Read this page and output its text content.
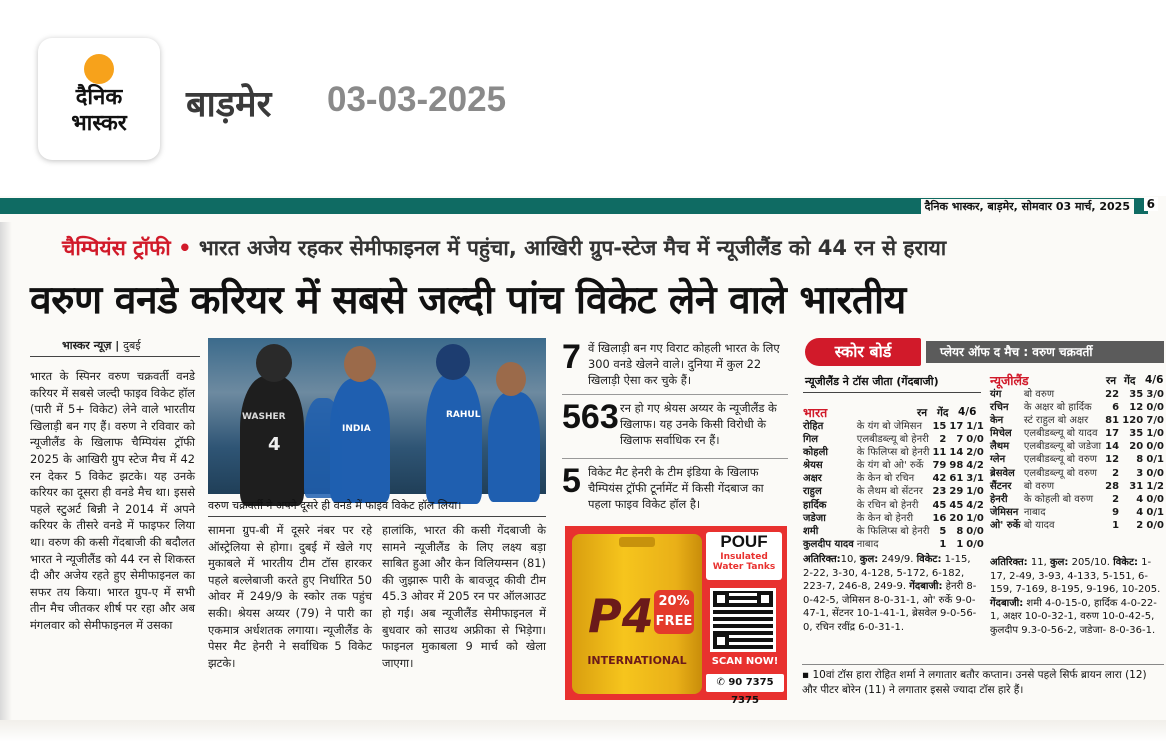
दैनिक
भास्कर	बाड़मेर 03-03-2025
दैनिक भास्कर, बाड़मेर, सोमवार 03 मार्च, 2025	6
चैम्पियंस ट्रॉफी • भारत अजेय रहकर सेमीफाइनल में पहुंचा, आखिरी ग्रुप-स्टेज मैच में न्यूजीलैंड को 44 रन से हराया
वरुण वनडे करियर में सबसे जल्दी पांच विकेट लेने वाले भारतीय
भास्कर न्यूज़ | दुबई
भारत के स्पिनर वरुण चक्रवर्ती वनडे करियर में सबसे जल्दी फाइव विकेट हॉल (पारी में 5+ विकेट) लेने वाले भारतीय खिलाड़ी बन गए हैं। वरुण ने रविवार को न्यूजीलैंड के खिलाफ चैम्पियंस ट्रॉफी 2025 के आखिरी ग्रुप स्टेज मैच में 42 रन देकर 5 विकेट झटके। यह उनके करियर का दूसरा ही वनडे मैच था। इससे पहले स्टुअर्ट बिन्नी ने 2014 में अपने करियर के तीसरे वनडे में फाइफर लिया था। वरुण की कसी गेंदबाजी की बदौलत भारत ने न्यूजीलैंड को 44 रन से शिकस्त दी और अजेय रहते हुए सेमीफाइनल का सफर तय किया। भारत ग्रुप-ए में सभी तीन मैच जीतकर शीर्ष पर रहा और अब मंगलवार को सेमीफाइनल में उसका
WASHER
4
INDIA
RAHUL
वरुण चक्रवर्ती ने अपने दूसरे ही वनडे में फाइव विकेट हॉल लिया।
सामना ग्रुप-बी में दूसरे नंबर पर रहे ऑस्ट्रेलिया से होगा। दुबई में खेले गए मुकाबले में भारतीय टीम टॉस हारकर पहले बल्लेबाजी करते हुए निर्धारित 50 ओवर में 249/9 के स्कोर तक पहुंच सकी। श्रेयस अय्यर (79) ने पारी का एकमात्र अर्धशतक लगाया। न्यूजीलैंड के पेसर मैट हेनरी ने सर्वाधिक 5 विकेट झटके।
हालांकि, भारत की कसी गेंदबाजी के सामने न्यूजीलैंड के लिए लक्ष्य बड़ा साबित हुआ और केन विलियम्सन (81) की जुझारू पारी के बावजूद कीवी टीम 45.3 ओवर में 205 रन पर ऑलआउट हो गई। अब न्यूजीलैंड सेमीफाइनल में बुधवार को साउथ अफ्रीका से भिड़ेगा। फाइनल मुकाबला 9 मार्च को खेला जाएगा।
7 वें खिलाड़ी बन गए विराट कोहली भारत के लिए 300 वनडे खेलने वाले। दुनिया में कुल 22 खिलाड़ी ऐसा कर चुके हैं।
563 रन हो गए श्रेयस अय्यर के न्यूजीलैंड के खिलाफ। यह उनके किसी विरोधी के खिलाफ सर्वाधिक रन हैं।
5 विकेट मैट हेनरी के टीम इंडिया के खिलाफ चैम्पियंस ट्रॉफी टूर्नामेंट में किसी गेंदबाज का पहला फाइव विकेट हॉल है।
P4 20%
FREE
INTERNATIONAL
POUF
Insulated Water Tanks
SCAN NOW!
✆ 90 7375 7375
स्कोर बोर्ड	प्लेयर ऑफ द मैच : वरुण चक्रवर्ती
न्यूजीलैंड ने टॉस जीता (गेंदबाजी)
भारत	रन गेंद 4/6
रोहित	के यंग बो जेमिसन	15	17	1/1
गिल	एलबीडब्ल्यू बो हेनरी	2	7	0/0
कोहली	के फिलिप्स बो हेनरी	11	14	2/0
श्रेयस	के यंग बो ओ' रुर्के	79	98	4/2
अक्षर	के केन बो रचिन	42	61	3/1
राहुल	के लैथम बो सेंटनर	23	29	1/0
हार्दिक	के रचिन बो हेनरी	45	45	4/2
जडेजा	के केन बो हेनरी	16	20	1/0
शमी	के फिलिप्स बो हेनरी	5	8	0/0
कुलदीप यादव	नाबाद	1	1	0/0
अतिरिक्त:10, कुल: 249/9. विकेट: 1-15, 2-22, 3-30, 4-128, 5-172, 6-182, 223-7, 246-8, 249-9. गेंदबाजी: हेनरी 8-0-42-5, जेमिसन 8-0-31-1, ओ' रुर्के 9-0-47-1, सेंटनर 10-1-41-1, ब्रेसवेल 9-0-56-0, रचिन रवींद्र 6-0-31-1.
न्यूजीलैंड	रन गेंद 4/6
यंग	बो वरुण	22	35	3/0
रचिन	के अक्षर बो हार्दिक	6	12	0/0
केन	स्टं राहुल बो अक्षर	81	120	7/0
मिचेल	एलबीडब्ल्यू बो यादव	17	35	1/0
लैथम	एलबीडब्ल्यू बो जडेजा	14	20	0/0
ग्लेन	एलबीडब्ल्यू बो वरुण	12	8	0/1
ब्रेसवेल	एलबीडब्ल्यू बो वरुण	2	3	0/0
सैंटनर	बो वरुण	28	31	1/2
हेनरी	के कोहली बो वरुण	2	4	0/0
जेमिसन	नाबाद	9	4	0/1
ओ' रुर्के	बो यादव	1	2	0/0
अतिरिक्त: 11, कुल: 205/10. विकेट: 1-17, 2-49, 3-93, 4-133, 5-151, 6-159, 7-169, 8-195, 9-196, 10-205. गेंदबाजी: शमी 4-0-15-0, हार्दिक 4-0-22-1, अक्षर 10-0-32-1, वरुण 10-0-42-5, कुलदीप 9.3-0-56-2, जडेजा- 8-0-36-1.
▪ 10वां टॉस हारा रोहित शर्मा ने लगातार बतौर कप्तान। उनसे पहले सिर्फ ब्रायन लारा (12) और पीटर बोरेन (11) ने लगातार इससे ज्यादा टॉस हारे हैं।
